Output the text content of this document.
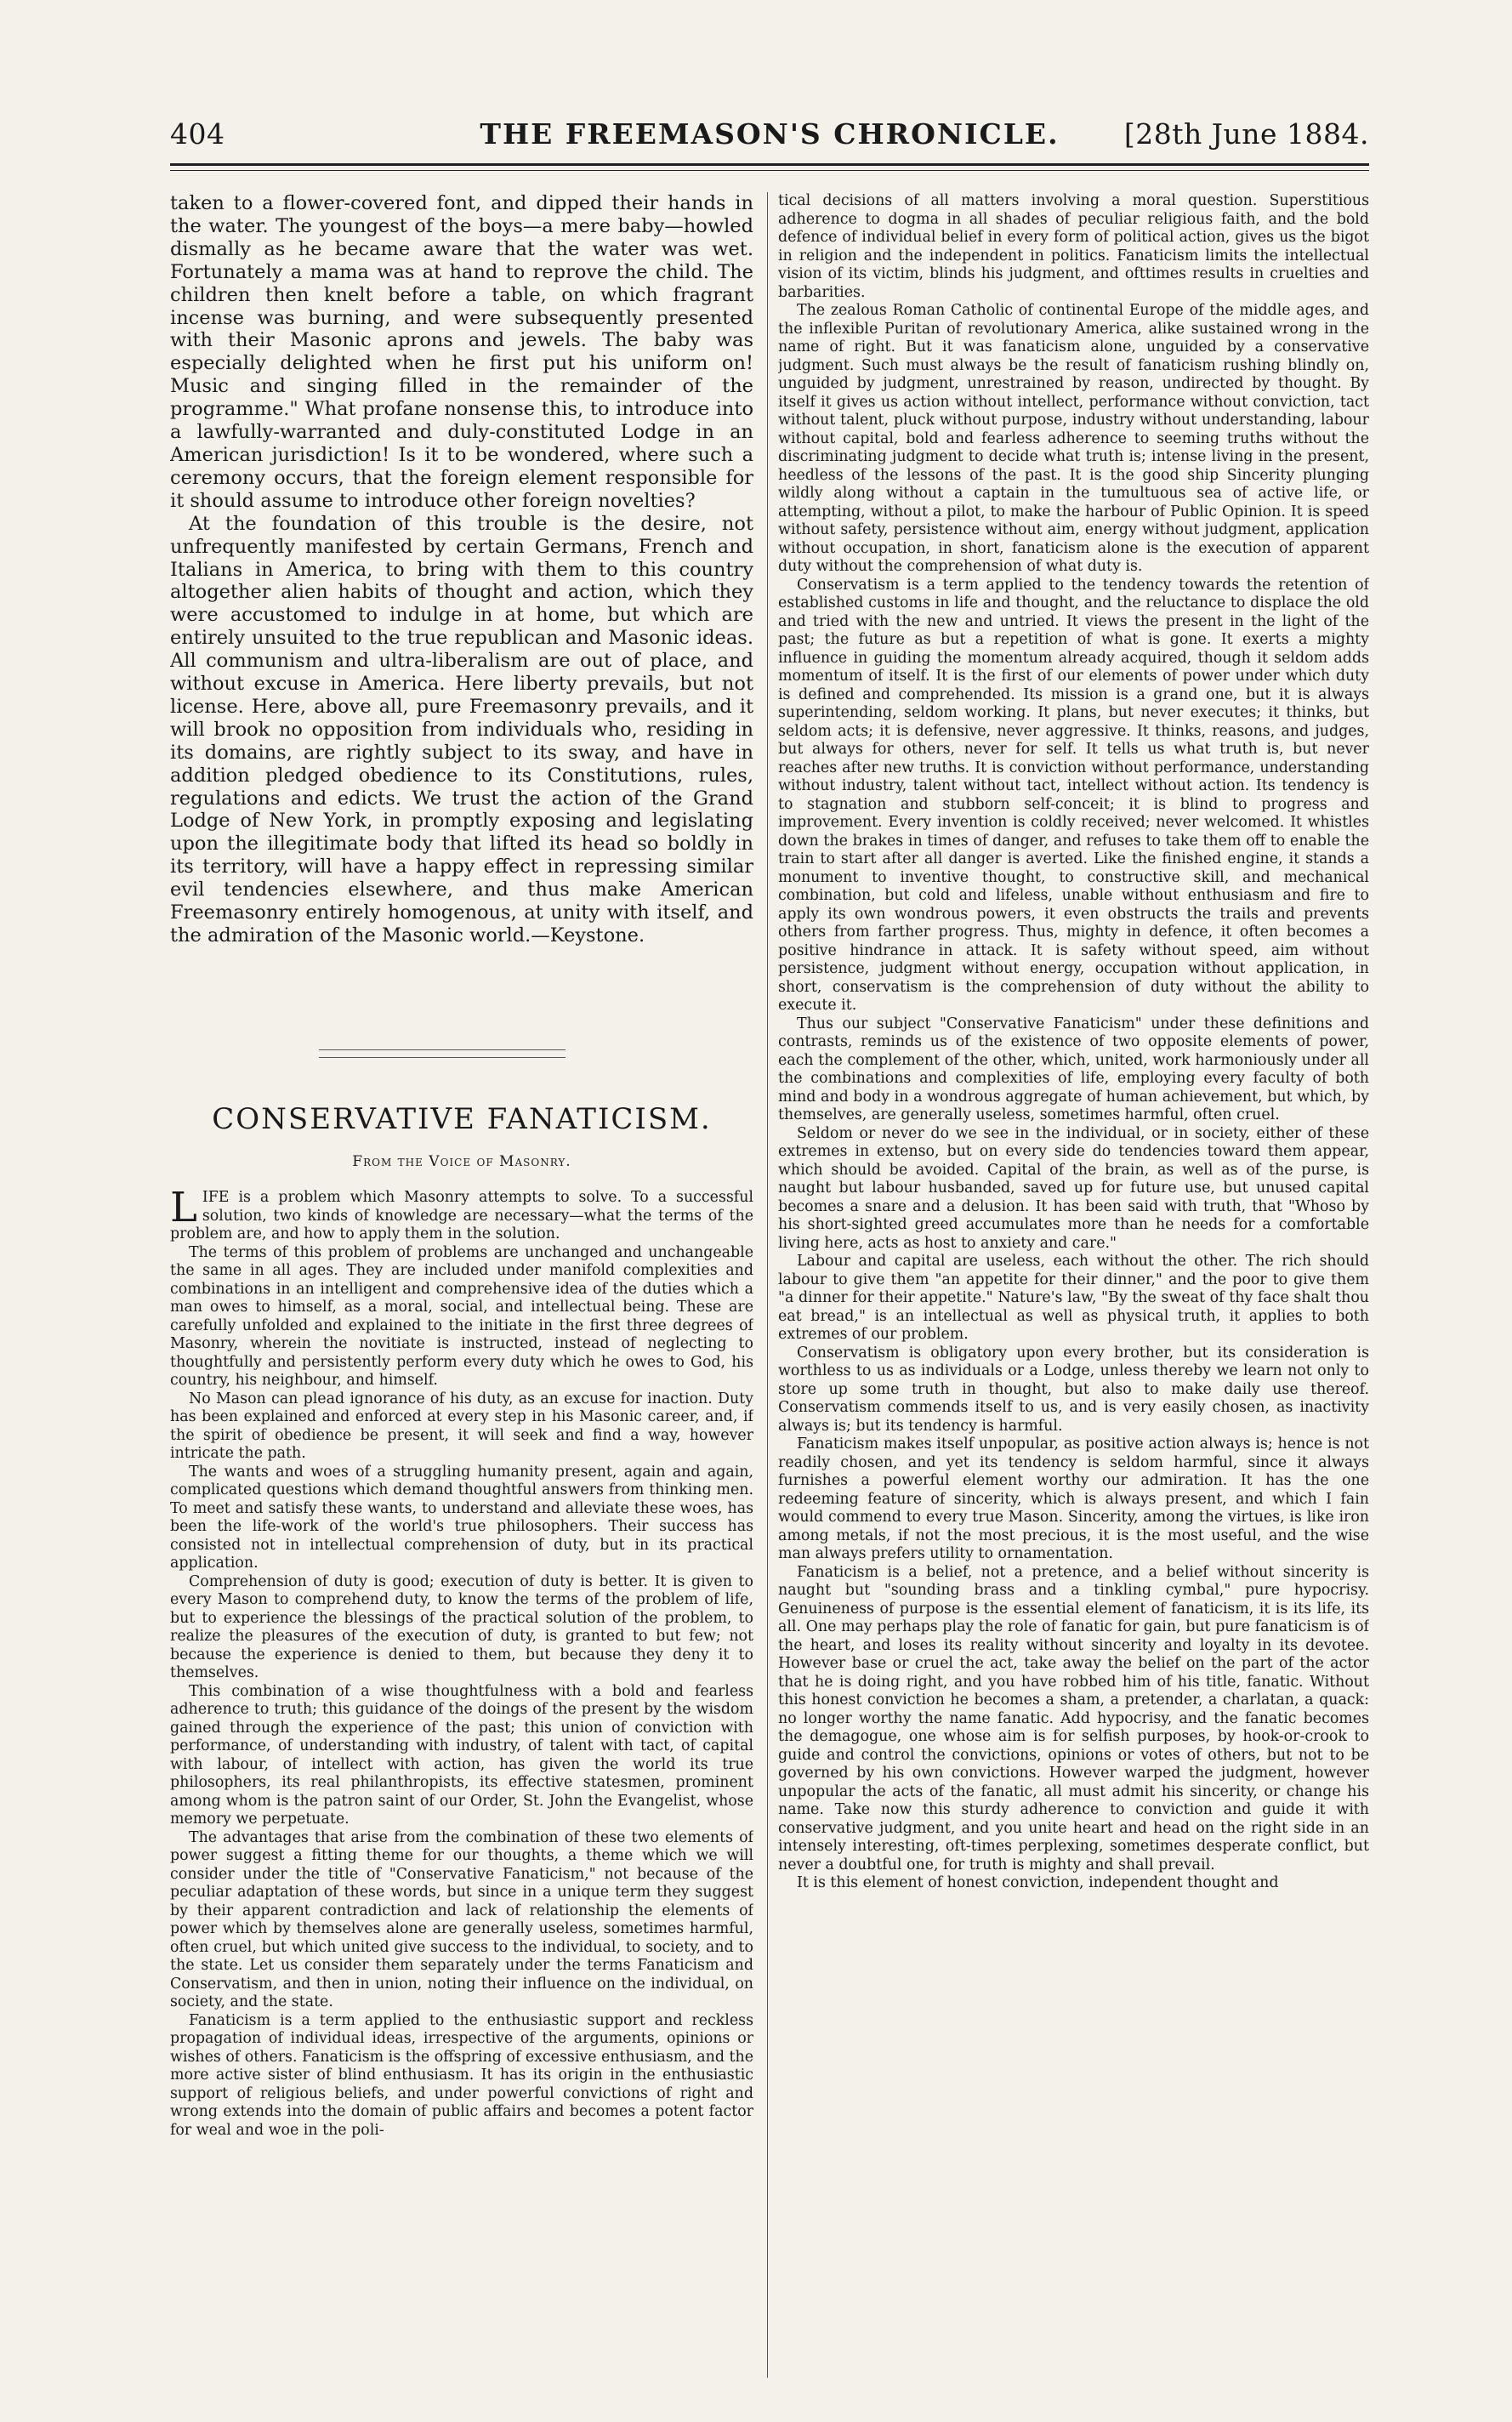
404	THE FREEMASON'S CHRONICLE.	[28th June 1884.

taken to a flower-covered font, and dipped their hands in the water. The youngest of the boys—a mere baby—howled dismally as he became aware that the water was wet. Fortunately a mama was at hand to reprove the child. The children then knelt before a table, on which fragrant incense was burning, and were subsequently presented with their Masonic aprons and jewels. The baby was especially delighted when he first put his uniform on! Music and singing filled in the remainder of the programme." What profane nonsense this, to introduce into a lawfully-warranted and duly-constituted Lodge in an American jurisdiction! Is it to be wondered, where such a ceremony occurs, that the foreign element responsible for it should assume to introduce other foreign novelties?

At the foundation of this trouble is the desire, not unfrequently manifested by certain Germans, French and Italians in America, to bring with them to this country altogether alien habits of thought and action, which they were accustomed to indulge in at home, but which are entirely unsuited to the true republican and Masonic ideas. All communism and ultra-liberalism are out of place, and without excuse in America. Here liberty prevails, but not license. Here, above all, pure Freemasonry prevails, and it will brook no opposition from individuals who, residing in its domains, are rightly subject to its sway, and have in addition pledged obedience to its Constitutions, rules, regulations and edicts. We trust the action of the Grand Lodge of New York, in promptly exposing and legislating upon the illegitimate body that lifted its head so boldly in its territory, will have a happy effect in repressing similar evil tendencies elsewhere, and thus make American Freemasonry entirely homogenous, at unity with itself, and the admiration of the Masonic world.—Keystone.

CONSERVATIVE FANATICISM.
From the Voice of Masonry.

LIFE is a problem which Masonry attempts to solve. To a successful solution, two kinds of knowledge are necessary—what the terms of the problem are, and how to apply them in the solution.

The terms of this problem of problems are unchanged and unchangeable the same in all ages. They are included under manifold complexities and combinations in an intelligent and comprehensive idea of the duties which a man owes to himself, as a moral, social, and intellectual being. These are carefully unfolded and explained to the initiate in the first three degrees of Masonry, wherein the novitiate is instructed, instead of neglecting to thoughtfully and persistently perform every duty which he owes to God, his country, his neighbour, and himself.

No Mason can plead ignorance of his duty, as an excuse for inaction. Duty has been explained and enforced at every step in his Masonic career, and, if the spirit of obedience be present, it will seek and find a way, however intricate the path.

The wants and woes of a struggling humanity present, again and again, complicated questions which demand thoughtful answers from thinking men. To meet and satisfy these wants, to understand and alleviate these woes, has been the life-work of the world's true philosophers. Their success has consisted not in intellectual comprehension of duty, but in its practical application.

Comprehension of duty is good; execution of duty is better. It is given to every Mason to comprehend duty, to know the terms of the problem of life, but to experience the blessings of the practical solution of the problem, to realize the pleasures of the execution of duty, is granted to but few; not because the experience is denied to them, but because they deny it to themselves.

This combination of a wise thoughtfulness with a bold and fearless adherence to truth; this guidance of the doings of the present by the wisdom gained through the experience of the past; this union of conviction with performance, of understanding with industry, of talent with tact, of capital with labour, of intellect with action, has given the world its true philosophers, its real philanthropists, its effective statesmen, prominent among whom is the patron saint of our Order, St. John the Evangelist, whose memory we perpetuate.

The advantages that arise from the combination of these two elements of power suggest a fitting theme for our thoughts, a theme which we will consider under the title of "Conservative Fanaticism," not because of the peculiar adaptation of these words, but since in a unique term they suggest by their apparent contradiction and lack of relationship the elements of power which by themselves alone are generally useless, sometimes harmful, often cruel, but which united give success to the individual, to society, and to the state. Let us consider them separately under the terms Fanaticism and Conservatism, and then in union, noting their influence on the individual, on society, and the state.

Fanaticism is a term applied to the enthusiastic support and reckless propagation of individual ideas, irrespective of the arguments, opinions or wishes of others. Fanaticism is the offspring of excessive enthusiasm, and the more active sister of blind enthusiasm. It has its origin in the enthusiastic support of religious beliefs, and under powerful convictions of right and wrong extends into the domain of public affairs and becomes a potent factor for weal and woe in the poli-

tical decisions of all matters involving a moral question. Superstitious adherence to dogma in all shades of peculiar religious faith, and the bold defence of individual belief in every form of political action, gives us the bigot in religion and the independent in politics. Fanaticism limits the intellectual vision of its victim, blinds his judgment, and ofttimes results in cruelties and barbarities.

The zealous Roman Catholic of continental Europe of the middle ages, and the inflexible Puritan of revolutionary America, alike sustained wrong in the name of right. But it was fanaticism alone, unguided by a conservative judgment. Such must always be the result of fanaticism rushing blindly on, unguided by judgment, unrestrained by reason, undirected by thought. By itself it gives us action without intellect, performance without conviction, tact without talent, pluck without purpose, industry without understanding, labour without capital, bold and fearless adherence to seeming truths without the discriminating judgment to decide what truth is; intense living in the present, heedless of the lessons of the past. It is the good ship Sincerity plunging wildly along without a captain in the tumultuous sea of active life, or attempting, without a pilot, to make the harbour of Public Opinion. It is speed without safety, persistence without aim, energy without judgment, application without occupation, in short, fanaticism alone is the execution of apparent duty without the comprehension of what duty is.

Conservatism is a term applied to the tendency towards the retention of established customs in life and thought, and the reluctance to displace the old and tried with the new and untried. It views the present in the light of the past; the future as but a repetition of what is gone. It exerts a mighty influence in guiding the momentum already acquired, though it seldom adds momentum of itself. It is the first of our elements of power under which duty is defined and comprehended. Its mission is a grand one, but it is always superintending, seldom working. It plans, but never executes; it thinks, but seldom acts; it is defensive, never aggressive. It thinks, reasons, and judges, but always for others, never for self. It tells us what truth is, but never reaches after new truths. It is conviction without performance, understanding without industry, talent without tact, intellect without action. Its tendency is to stagnation and stubborn self-conceit; it is blind to progress and improvement. Every invention is coldly received; never welcomed. It whistles down the brakes in times of danger, and refuses to take them off to enable the train to start after all danger is averted. Like the finished engine, it stands a monument to inventive thought, to constructive skill, and mechanical combination, but cold and lifeless, unable without enthusiasm and fire to apply its own wondrous powers, it even obstructs the trails and prevents others from farther progress. Thus, mighty in defence, it often becomes a positive hindrance in attack. It is safety without speed, aim without persistence, judgment without energy, occupation without application, in short, conservatism is the comprehension of duty without the ability to execute it.

Thus our subject "Conservative Fanaticism" under these definitions and contrasts, reminds us of the existence of two opposite elements of power, each the complement of the other, which, united, work harmoniously under all the combinations and complexities of life, employing every faculty of both mind and body in a wondrous aggregate of human achievement, but which, by themselves, are generally useless, sometimes harmful, often cruel.

Seldom or never do we see in the individual, or in society, either of these extremes in extenso, but on every side do tendencies toward them appear, which should be avoided. Capital of the brain, as well as of the purse, is naught but labour husbanded, saved up for future use, but unused capital becomes a snare and a delusion. It has been said with truth, that "Whoso by his short-sighted greed accumulates more than he needs for a comfortable living here, acts as host to anxiety and care."

Labour and capital are useless, each without the other. The rich should labour to give them "an appetite for their dinner," and the poor to give them "a dinner for their appetite." Nature's law, "By the sweat of thy face shalt thou eat bread," is an intellectual as well as physical truth, it applies to both extremes of our problem.

Conservatism is obligatory upon every brother, but its consideration is worthless to us as individuals or a Lodge, unless thereby we learn not only to store up some truth in thought, but also to make daily use thereof. Conservatism commends itself to us, and is very easily chosen, as inactivity always is; but its tendency is harmful.

Fanaticism makes itself unpopular, as positive action always is; hence is not readily chosen, and yet its tendency is seldom harmful, since it always furnishes a powerful element worthy our admiration. It has the one redeeming feature of sincerity, which is always present, and which I fain would commend to every true Mason. Sincerity, among the virtues, is like iron among metals, if not the most precious, it is the most useful, and the wise man always prefers utility to ornamentation.

Fanaticism is a belief, not a pretence, and a belief without sincerity is naught but "sounding brass and a tinkling cymbal," pure hypocrisy. Genuineness of purpose is the essential element of fanaticism, it is its life, its all. One may perhaps play the role of fanatic for gain, but pure fanaticism is of the heart, and loses its reality without sincerity and loyalty in its devotee. However base or cruel the act, take away the belief on the part of the actor that he is doing right, and you have robbed him of his title, fanatic. Without this honest conviction he becomes a sham, a pretender, a charlatan, a quack: no longer worthy the name fanatic. Add hypocrisy, and the fanatic becomes the demagogue, one whose aim is for selfish purposes, by hook-or-crook to guide and control the convictions, opinions or votes of others, but not to be governed by his own convictions. However warped the judgment, however unpopular the acts of the fanatic, all must admit his sincerity, or change his name. Take now this sturdy adherence to conviction and guide it with conservative judgment, and you unite heart and head on the right side in an intensely interesting, oft-times perplexing, sometimes desperate conflict, but never a doubtful one, for truth is mighty and shall prevail.

It is this element of honest conviction, independent thought and
